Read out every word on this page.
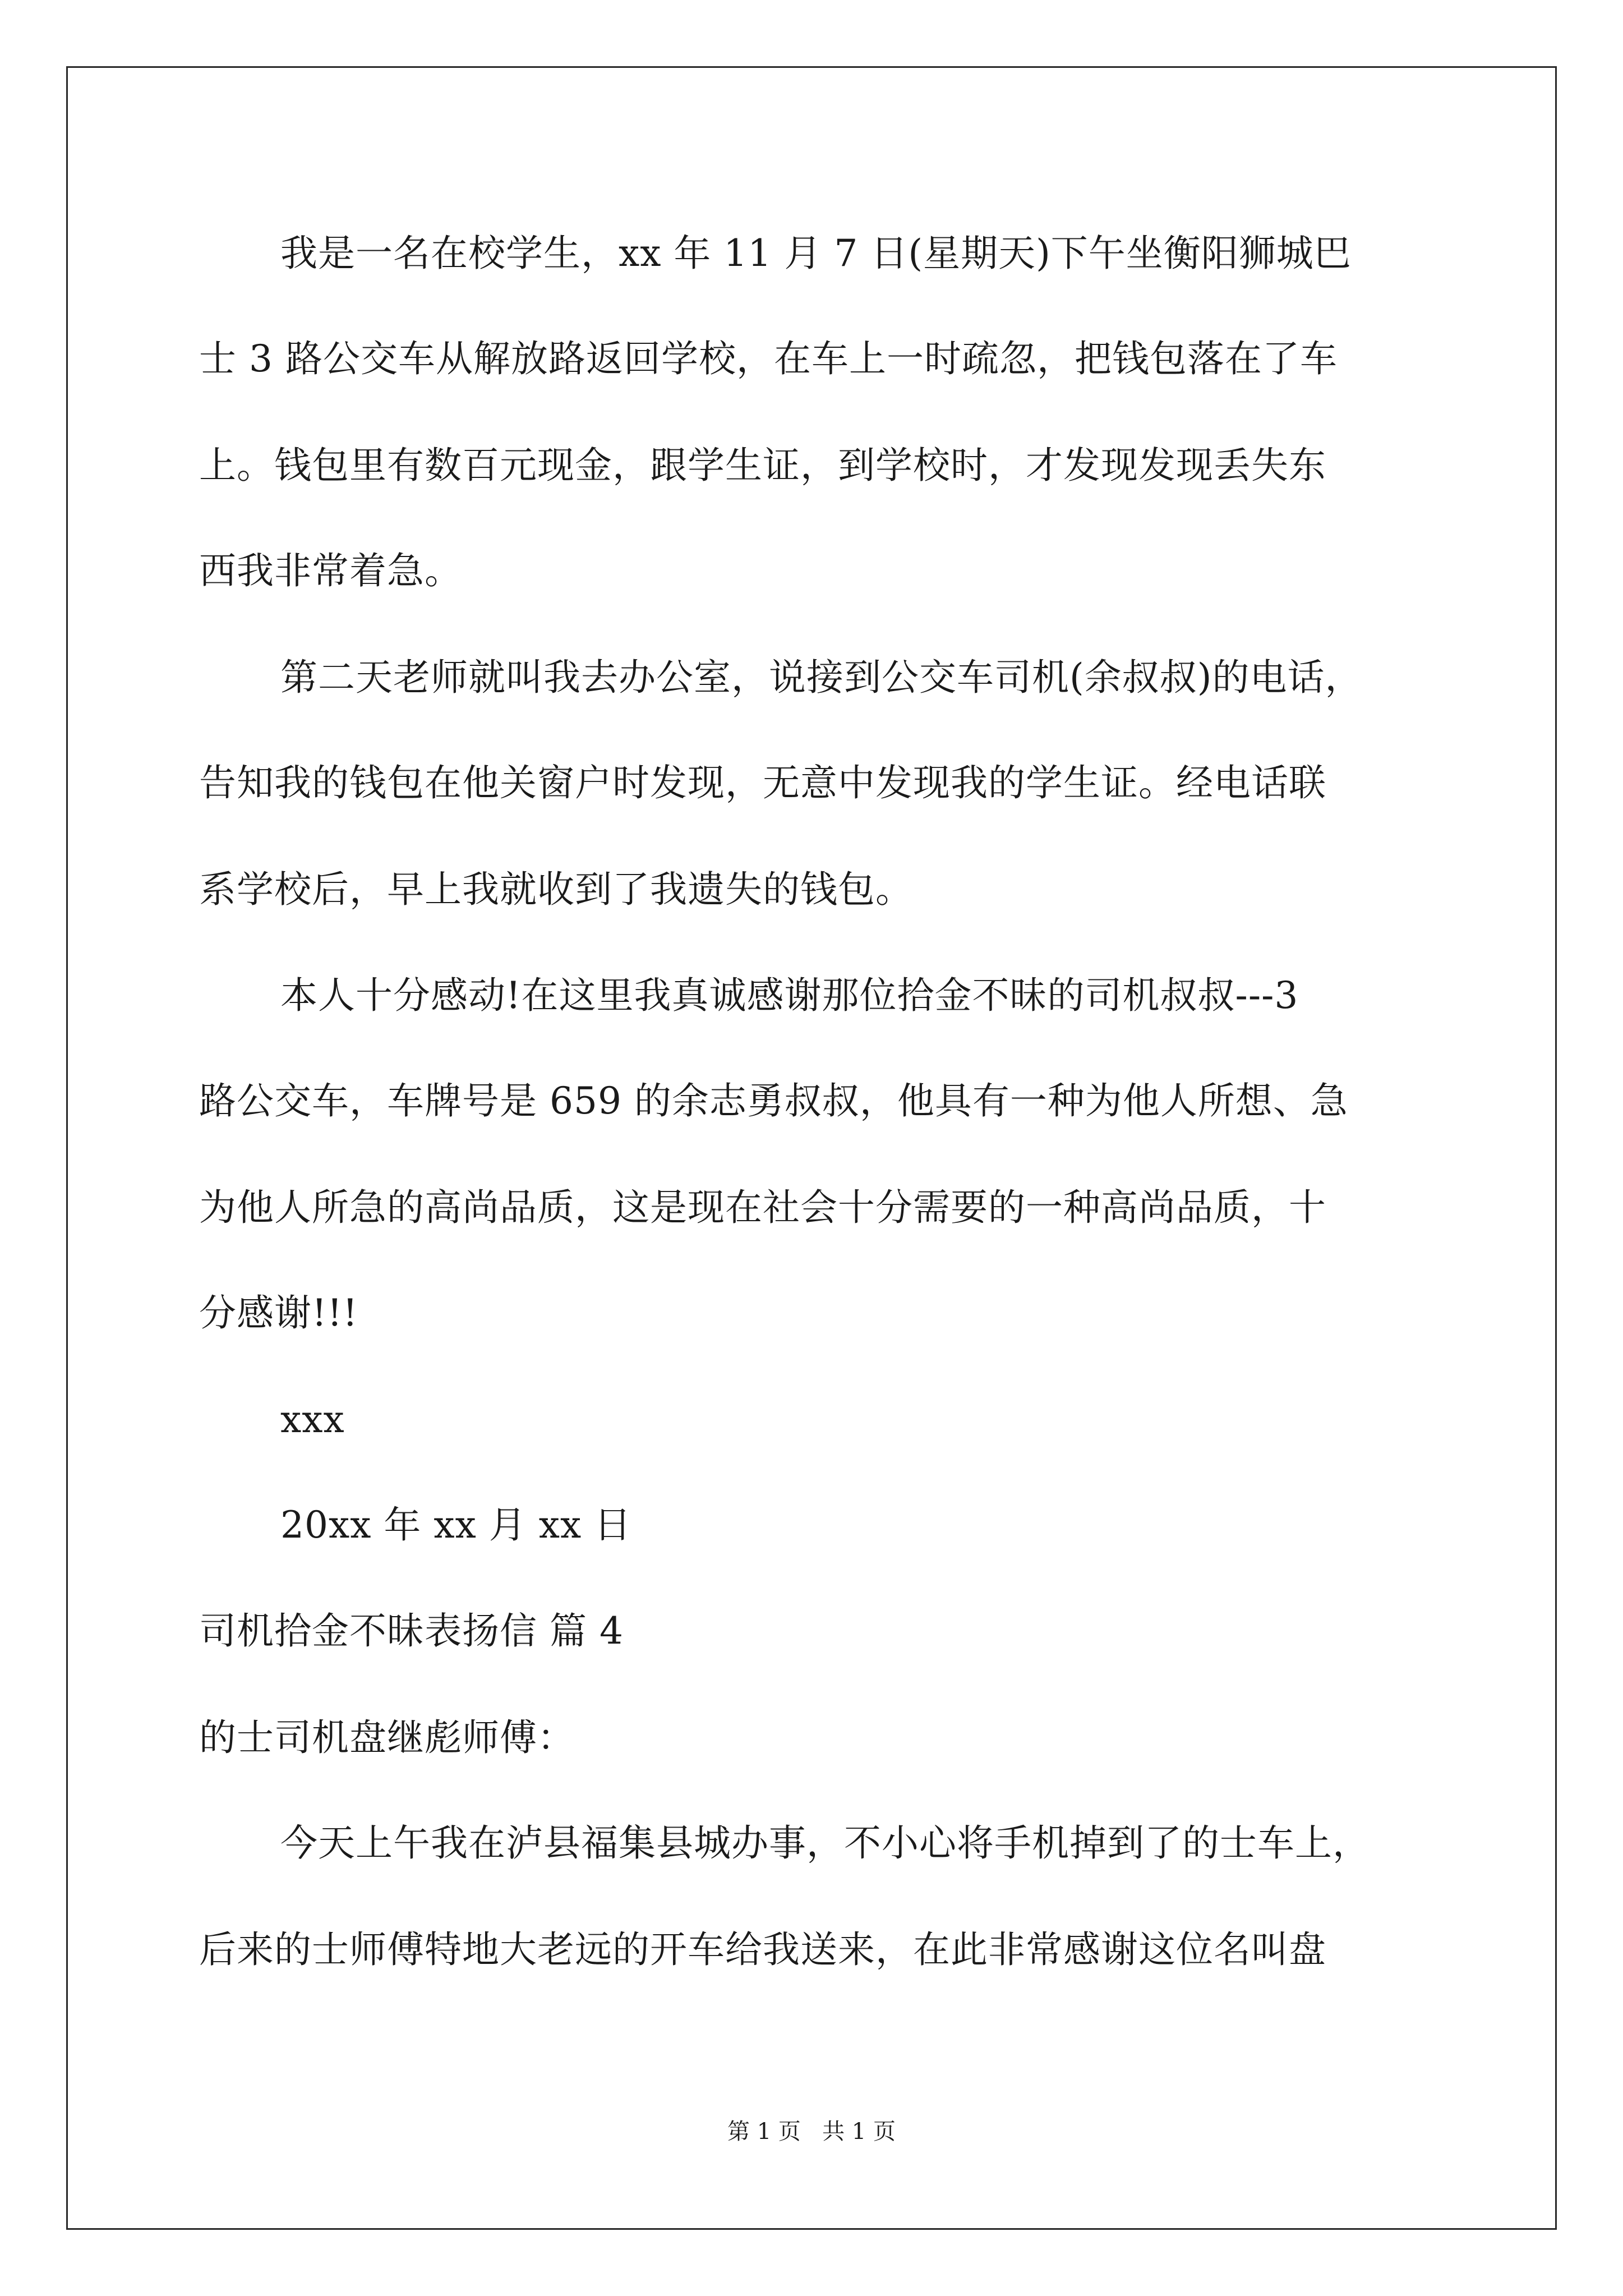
我是一名在校学生，xx 年 11 月 7 日(星期天)下午坐衡阳狮城巴
士 3 路公交车从解放路返回学校，在车上一时疏忽，把钱包落在了车
上。钱包里有数百元现金，跟学生证，到学校时，才发现发现丢失东
西我非常着急。
第二天老师就叫我去办公室，说接到公交车司机(余叔叔)的电话，
告知我的钱包在他关窗户时发现，无意中发现我的学生证。经电话联
系学校后，早上我就收到了我遗失的钱包。
本人十分感动!在这里我真诚感谢那位拾金不昧的司机叔叔---3
路公交车，车牌号是 659 的余志勇叔叔，他具有一种为他人所想、急
为他人所急的高尚品质，这是现在社会十分需要的一种高尚品质，十
分感谢!!!
xxx
20xx 年 xx 月 xx 日
司机拾金不昧表扬信 篇 4
的士司机盘继彪师傅：
今天上午我在泸县福集县城办事，不小心将手机掉到了的士车上，
后来的士师傅特地大老远的开车给我送来，在此非常感谢这位名叫盘
第 1 页   共 1 页
